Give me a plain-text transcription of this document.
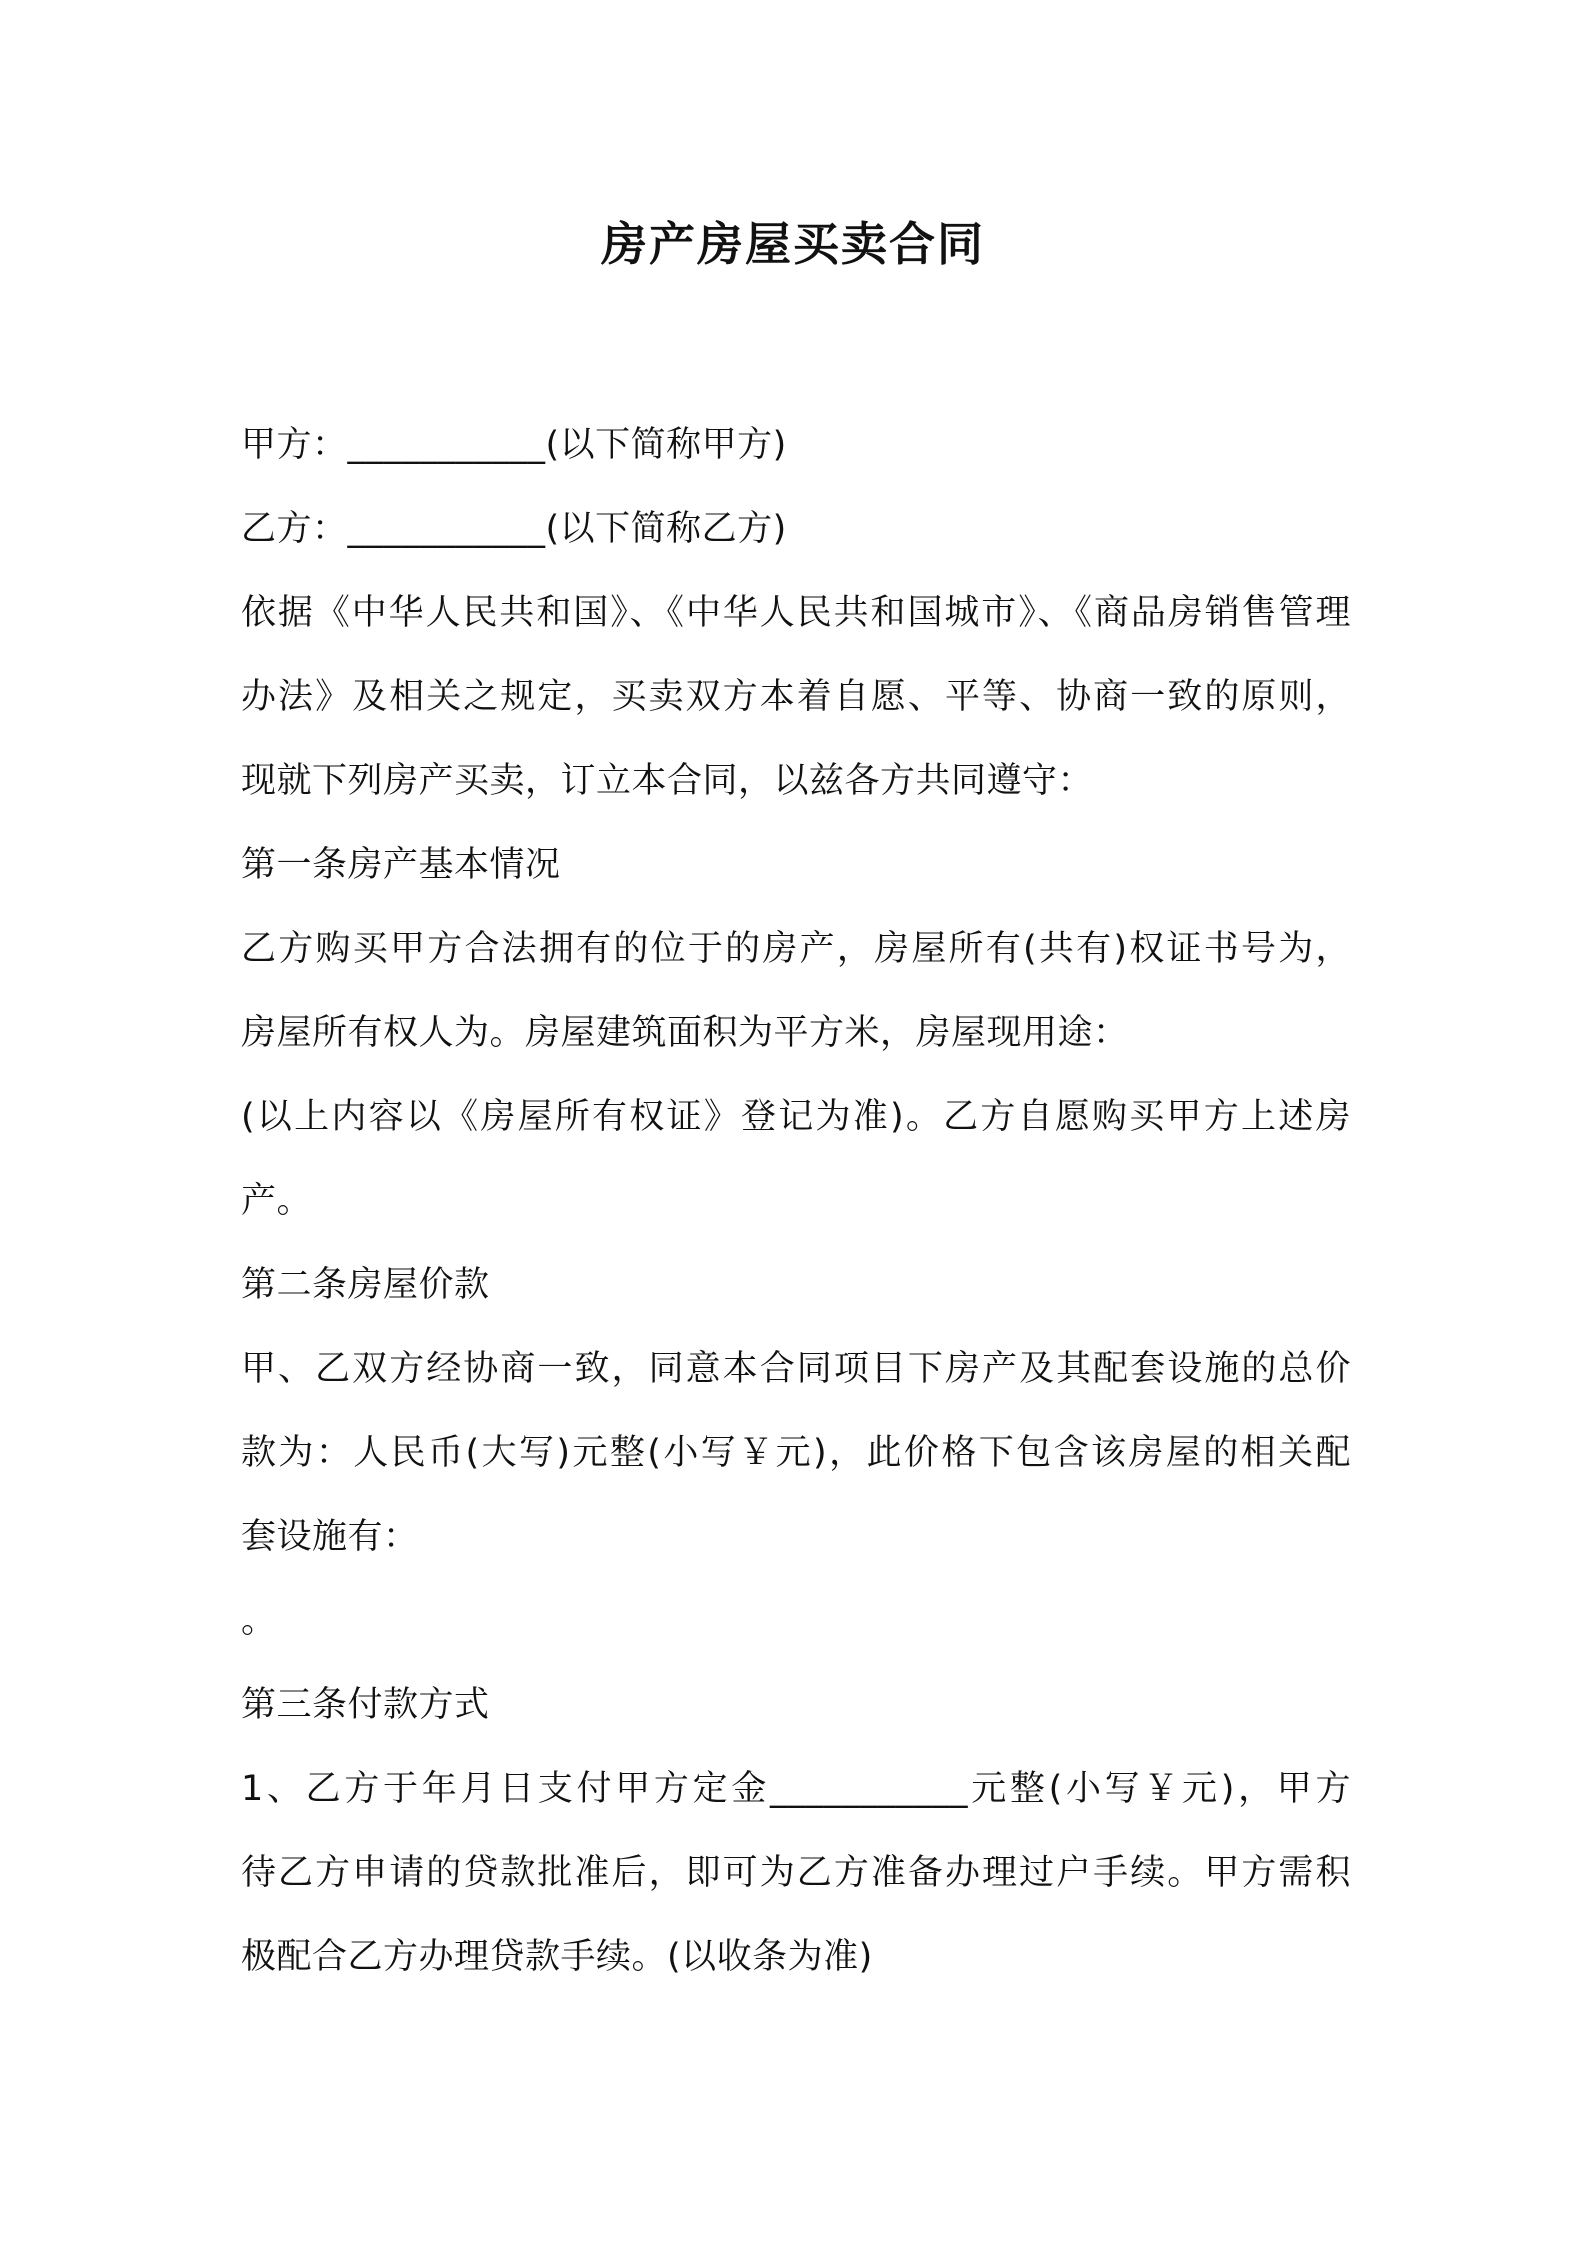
房产房屋买卖合同
甲方：___________(以下简称甲方)
乙方：___________(以下简称乙方)
依据《中华人民共和国》、《中华人民共和国城市》、《商品房销售管理
办法》及相关之规定，买卖双方本着自愿、平等、协商一致的原则，
现就下列房产买卖，订立本合同，以兹各方共同遵守：
第一条房产基本情况
乙方购买甲方合法拥有的位于的房产，房屋所有(共有)权证书号为，
房屋所有权人为。房屋建筑面积为平方米，房屋现用途：
(以上内容以《房屋所有权证》登记为准)。乙方自愿购买甲方上述房
产。
第二条房屋价款
甲、乙双方经协商一致，同意本合同项目下房产及其配套设施的总价
款为：人民币(大写)元整(小写￥元)，此价格下包含该房屋的相关配
套设施有：
。
第三条付款方式
1、乙方于年月日支付甲方定金___________元整(小写￥元)，甲方
待乙方申请的贷款批准后，即可为乙方准备办理过户手续。甲方需积
极配合乙方办理贷款手续。(以收条为准)
